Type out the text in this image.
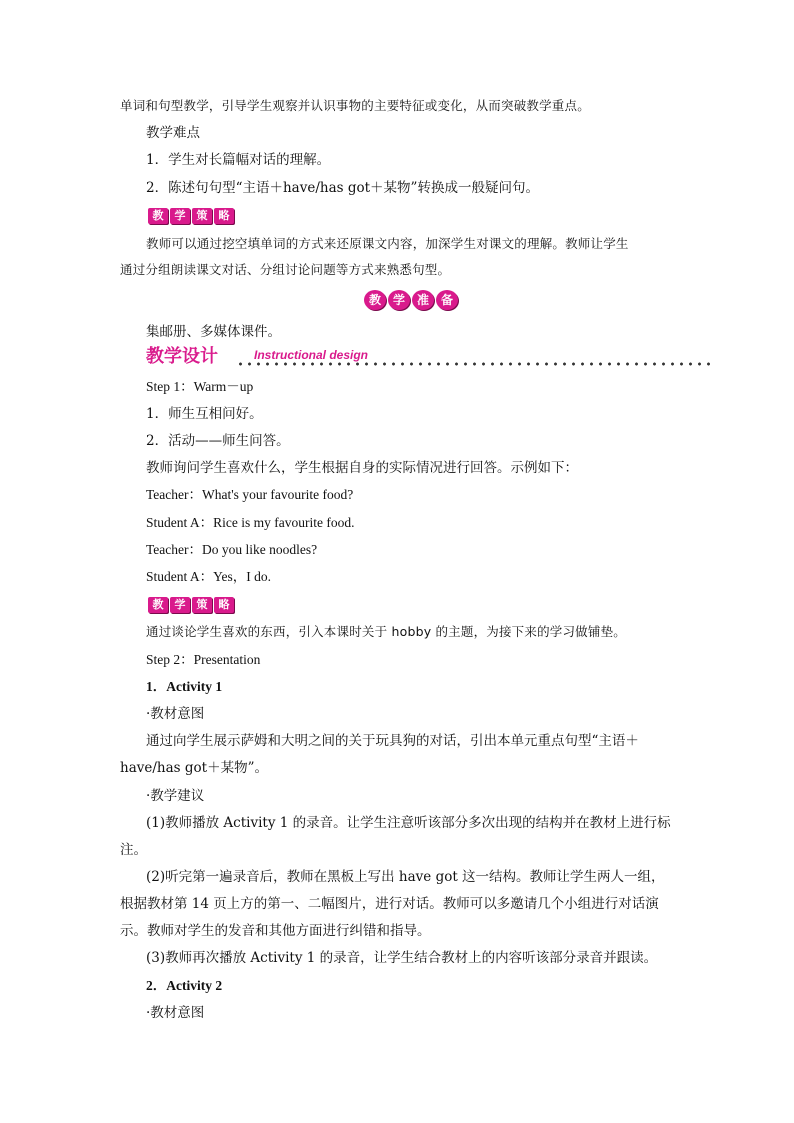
单词和句型教学，引导学生观察并认识事物的主要特征或变化，从而突破教学重点。
教学难点
1．学生对长篇幅对话的理解。
2．陈述句句型“主语＋have/has got＋某物”转换成一般疑问句。
教	学	策	略
教师可以通过挖空填单词的方式来还原课文内容，加深学生对课文的理解。教师让学生
通过分组朗读课文对话、分组讨论问题等方式来熟悉句型。
教 学 准 备
集邮册、多媒体课件。
教学设计	Instructional design
Step 1：Warm－up
1．师生互相问好。
2．活动——师生问答。
教师询问学生喜欢什么，学生根据自身的实际情况进行回答。示例如下：
Teacher：What's your favourite food?
Student A：Rice is my favourite food.
Teacher：Do you like noodles?
Student A：Yes，I do.
教	学	策	略
通过谈论学生喜欢的东西，引入本课时关于 hobby 的主题，为接下来的学习做铺垫。
Step 2：Presentation
1．Activity 1
·教材意图
通过向学生展示萨姆和大明之间的关于玩具狗的对话，引出本单元重点句型“主语＋
have/has got＋某物”。
·教学建议
(1)教师播放 Activity 1 的录音。让学生注意听该部分多次出现的结构并在教材上进行标
注。
(2)听完第一遍录音后，教师在黑板上写出 have got 这一结构。教师让学生两人一组，
根据教材第 14 页上方的第一、二幅图片，进行对话。教师可以多邀请几个小组进行对话演
示。教师对学生的发音和其他方面进行纠错和指导。
(3)教师再次播放 Activity 1 的录音，让学生结合教材上的内容听该部分录音并跟读。
2．Activity 2
·教材意图
